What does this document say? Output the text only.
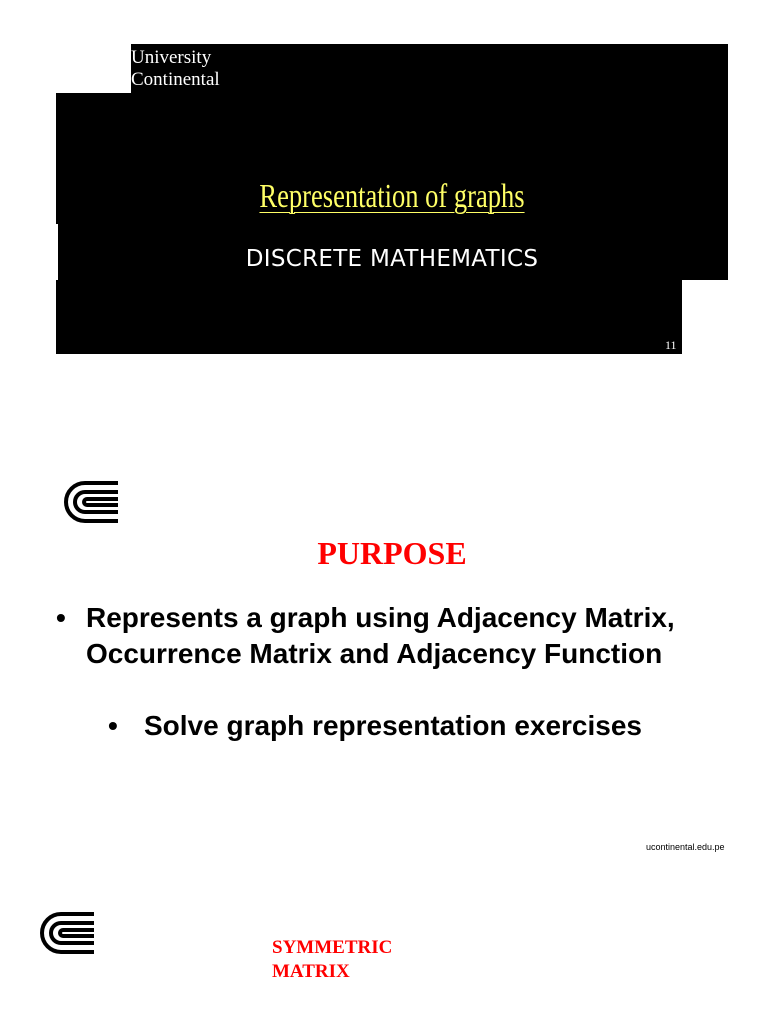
University
Continental
Representation of graphs
DISCRETE MATHEMATICS
11
PURPOSE
• Represents a graph using Adjacency Matrix, Occurrence Matrix and Adjacency Function
• Solve graph representation exercises
ucontinental.edu.pe
SYMMETRIC
MATRIX
